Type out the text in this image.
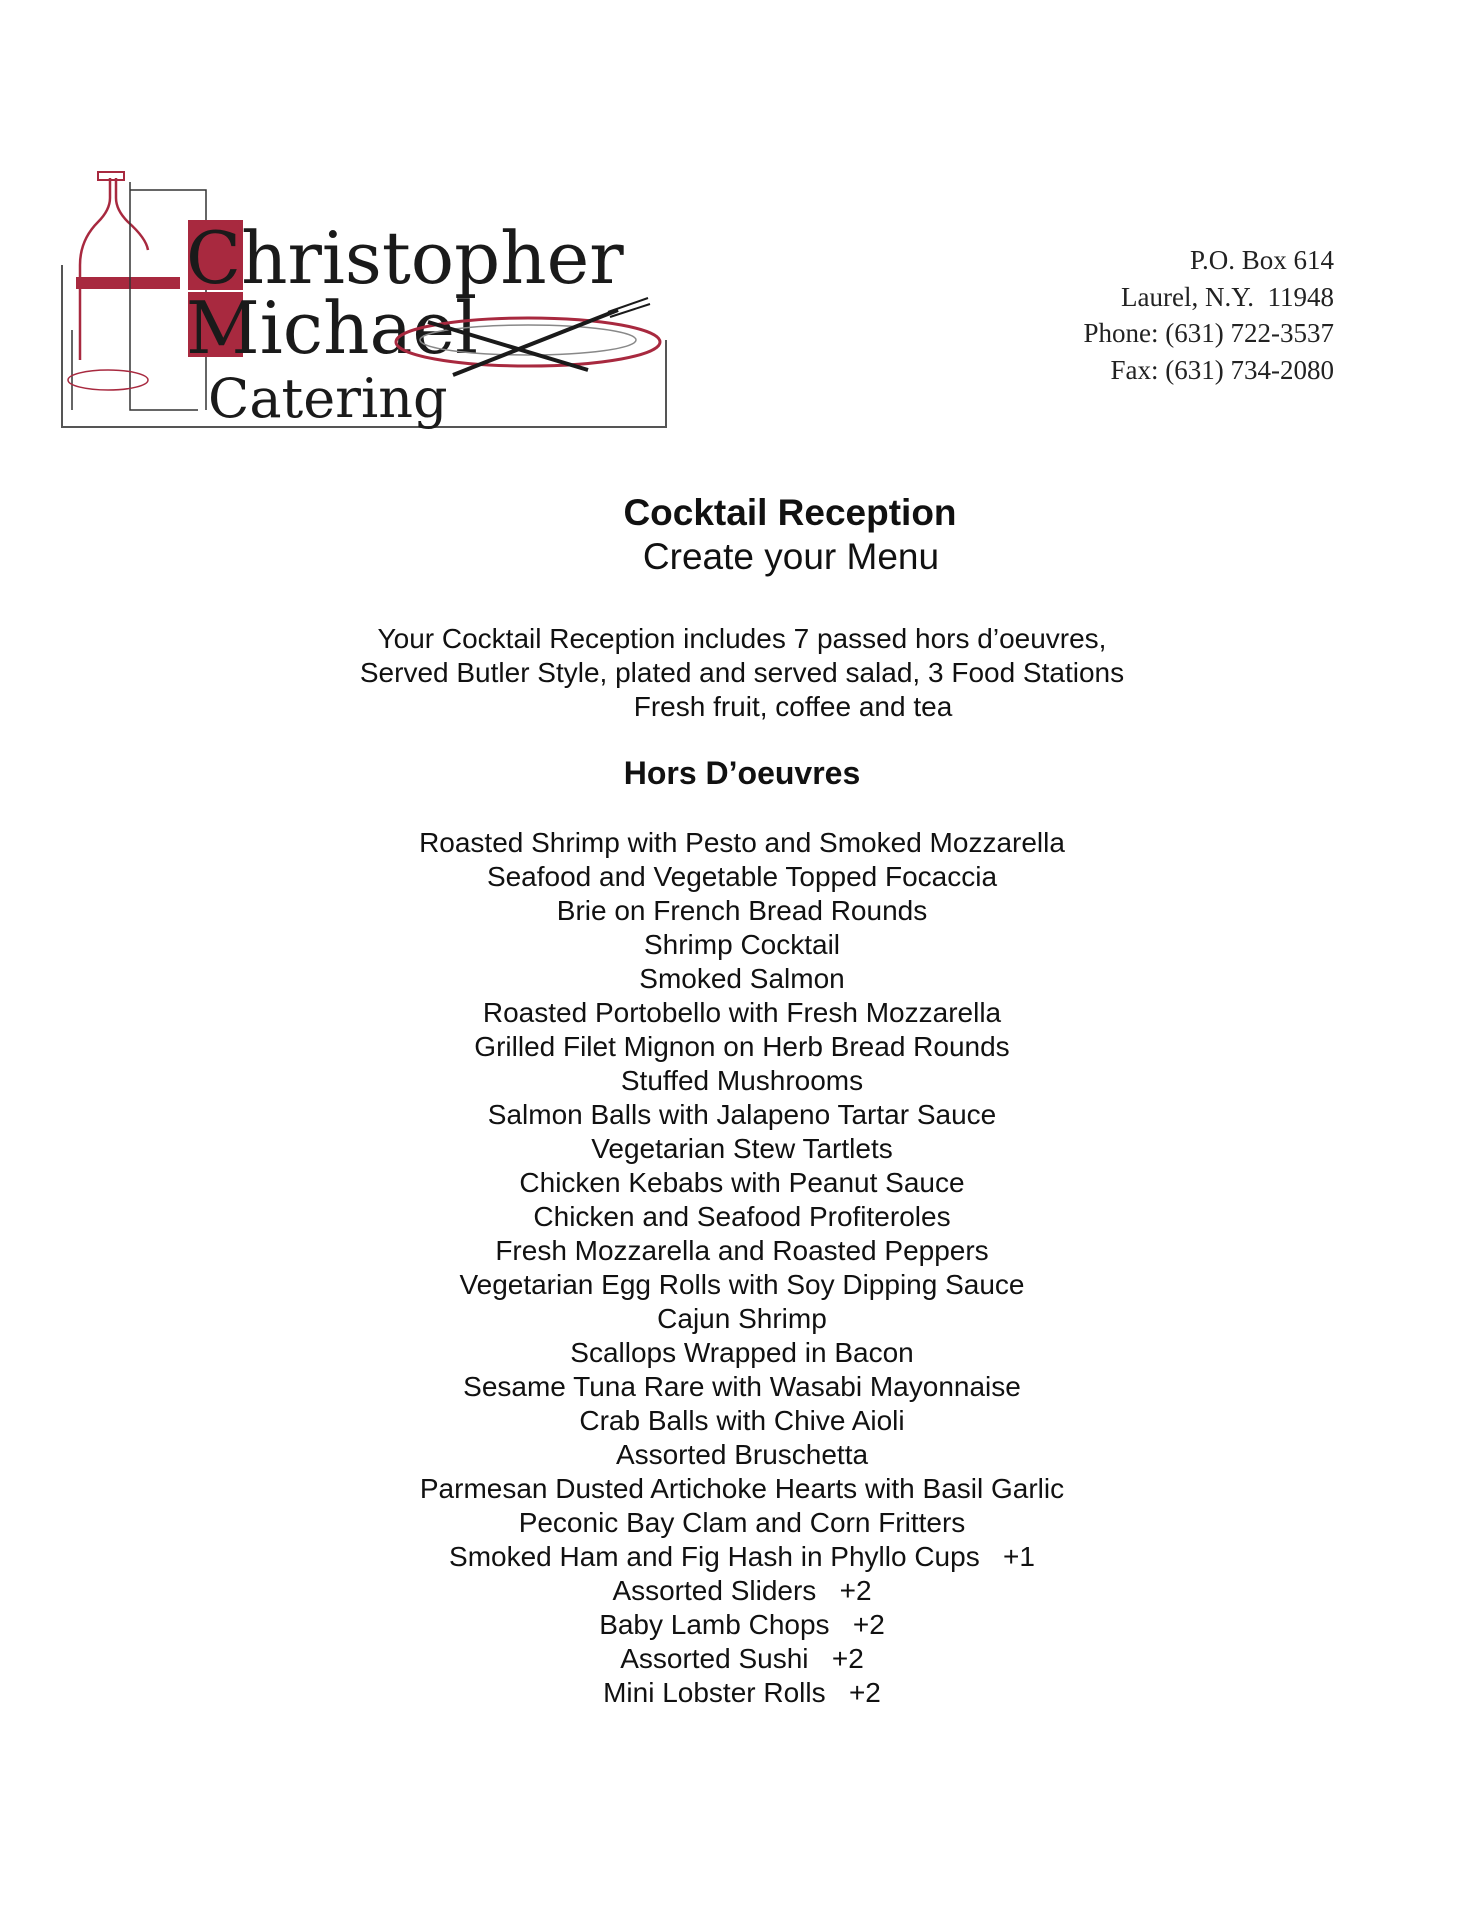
Christopher
Michael
Catering
P.O. Box 614
Laurel, N.Y.  11948
Phone: (631) 722-3537
Fax: (631) 734-2080
Cocktail Reception
Create your Menu
Your Cocktail Reception includes 7 passed hors d’oeuvres,
Served Butler Style, plated and served salad, 3 Food Stations
Fresh fruit, coffee and tea
Hors D’oeuvres
Roasted Shrimp with Pesto and Smoked Mozzarella
Seafood and Vegetable Topped Focaccia
Brie on French Bread Rounds
Shrimp Cocktail
Smoked Salmon
Roasted Portobello with Fresh Mozzarella
Grilled Filet Mignon on Herb Bread Rounds
Stuffed Mushrooms
Salmon Balls with Jalapeno Tartar Sauce
Vegetarian Stew Tartlets
Chicken Kebabs with Peanut Sauce
Chicken and Seafood Profiteroles
Fresh Mozzarella and Roasted Peppers
Vegetarian Egg Rolls with Soy Dipping Sauce
Cajun Shrimp
Scallops Wrapped in Bacon
Sesame Tuna Rare with Wasabi Mayonnaise
Crab Balls with Chive Aioli
Assorted Bruschetta
Parmesan Dusted Artichoke Hearts with Basil Garlic
Peconic Bay Clam and Corn Fritters
Smoked Ham and Fig Hash in Phyllo Cups   +1
Assorted Sliders   +2
Baby Lamb Chops   +2
Assorted Sushi   +2
Mini Lobster Rolls   +2
